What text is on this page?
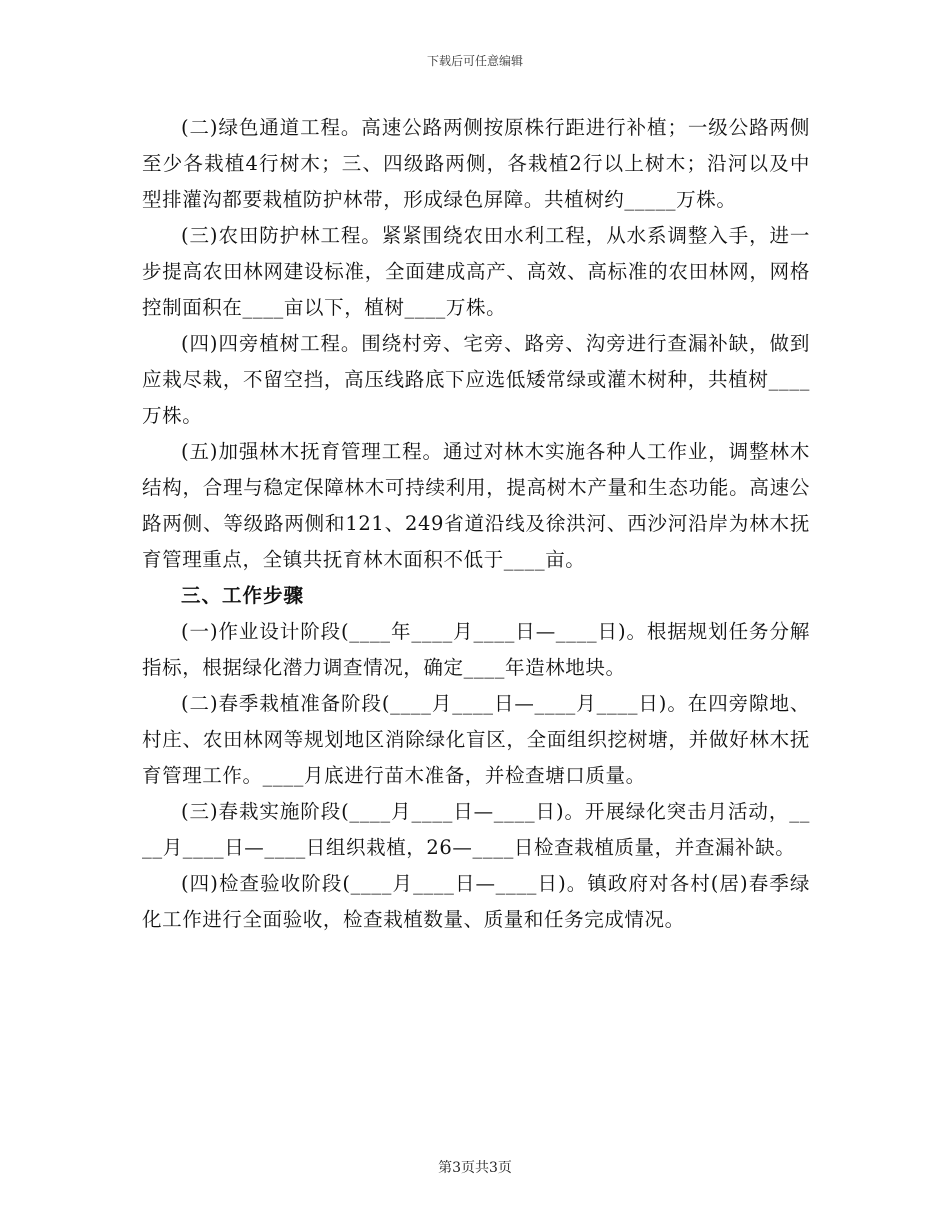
下载后可任意编辑

(二)绿色通道工程。高速公路两侧按原株行距进行补植；一级公路两侧至少各栽植4行树木；三、四级路两侧，各栽植2行以上树木；沿河以及中型排灌沟都要栽植防护林带，形成绿色屏障。共植树约_____万株。

(三)农田防护林工程。紧紧围绕农田水利工程，从水系调整入手，进一步提高农田林网建设标准，全面建成高产、高效、高标准的农田林网，网格控制面积在____亩以下，植树____万株。

(四)四旁植树工程。围绕村旁、宅旁、路旁、沟旁进行查漏补缺，做到应栽尽栽，不留空挡，高压线路底下应选低矮常绿或灌木树种，共植树____万株。

(五)加强林木抚育管理工程。通过对林木实施各种人工作业，调整林木结构，合理与稳定保障林木可持续利用，提高树木产量和生态功能。高速公路两侧、等级路两侧和121、249省道沿线及徐洪河、西沙河沿岸为林木抚育管理重点，全镇共抚育林木面积不低于____亩。

三、工作步骤

(一)作业设计阶段(____年____月____日—____日)。根据规划任务分解指标，根据绿化潜力调查情况，确定____年造林地块。

(二)春季栽植准备阶段(____月____日—____月____日)。在四旁隙地、村庄、农田林网等规划地区消除绿化盲区，全面组织挖树塘，并做好林木抚育管理工作。____月底进行苗木准备，并检查塘口质量。

(三)春栽实施阶段(____月____日—____日)。开展绿化突击月活动，____月____日—____日组织栽植，26—____日检查栽植质量，并查漏补缺。

(四)检查验收阶段(____月____日—____日)。镇政府对各村(居)春季绿化工作进行全面验收，检查栽植数量、质量和任务完成情况。

第3页共3页
